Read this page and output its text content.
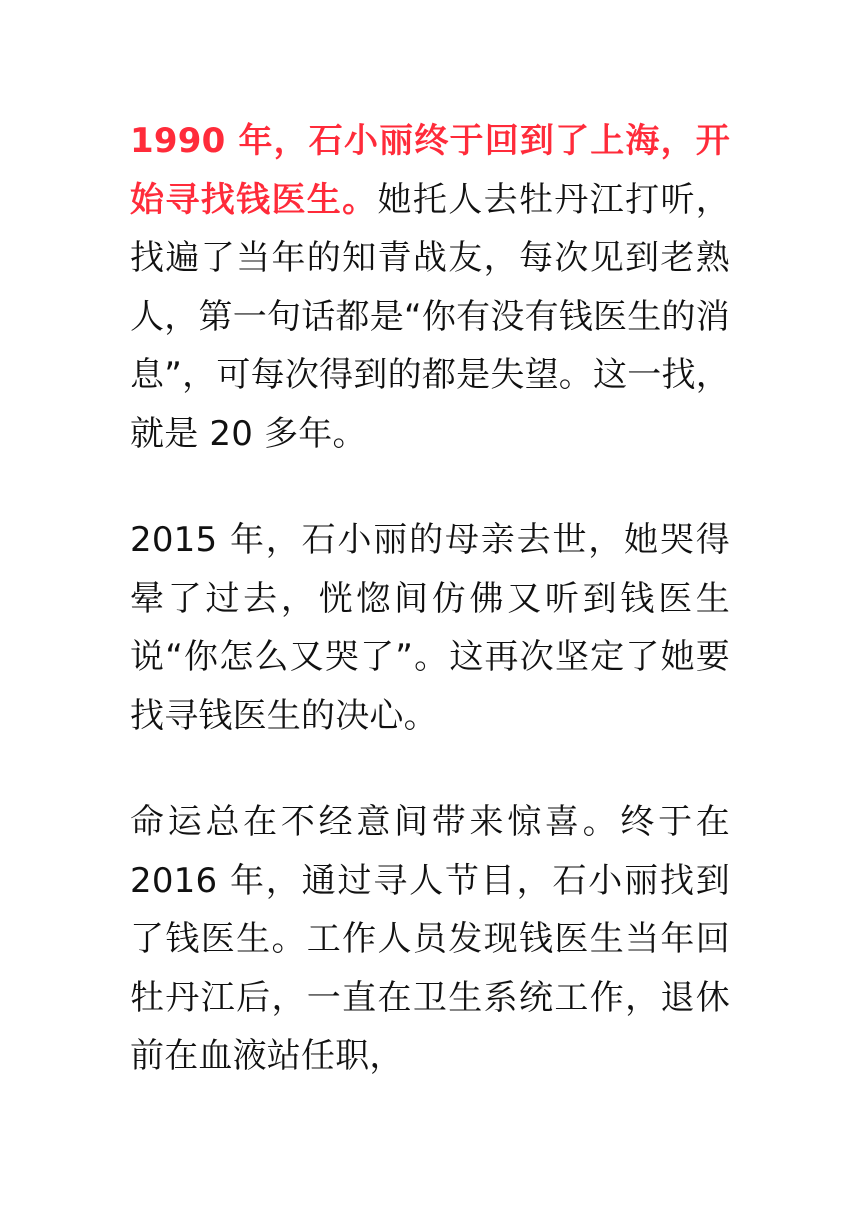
1990 年，石小丽终于回到了上海，开始寻找钱医生。她托人去牡丹江打听，找遍了当年的知青战友，每次见到老熟人，第一句话都是“你有没有钱医生的消息”，可每次得到的都是失望。这一找，就是 20 多年。

2015 年，石小丽的母亲去世，她哭得晕了过去，恍惚间仿佛又听到钱医生说“你怎么又哭了”。这再次坚定了她要找寻钱医生的决心。

命运总在不经意间带来惊喜。终于在 2016 年，通过寻人节目，石小丽找到了钱医生。工作人员发现钱医生当年回牡丹江后，一直在卫生系统工作，退休前在血液站任职，
